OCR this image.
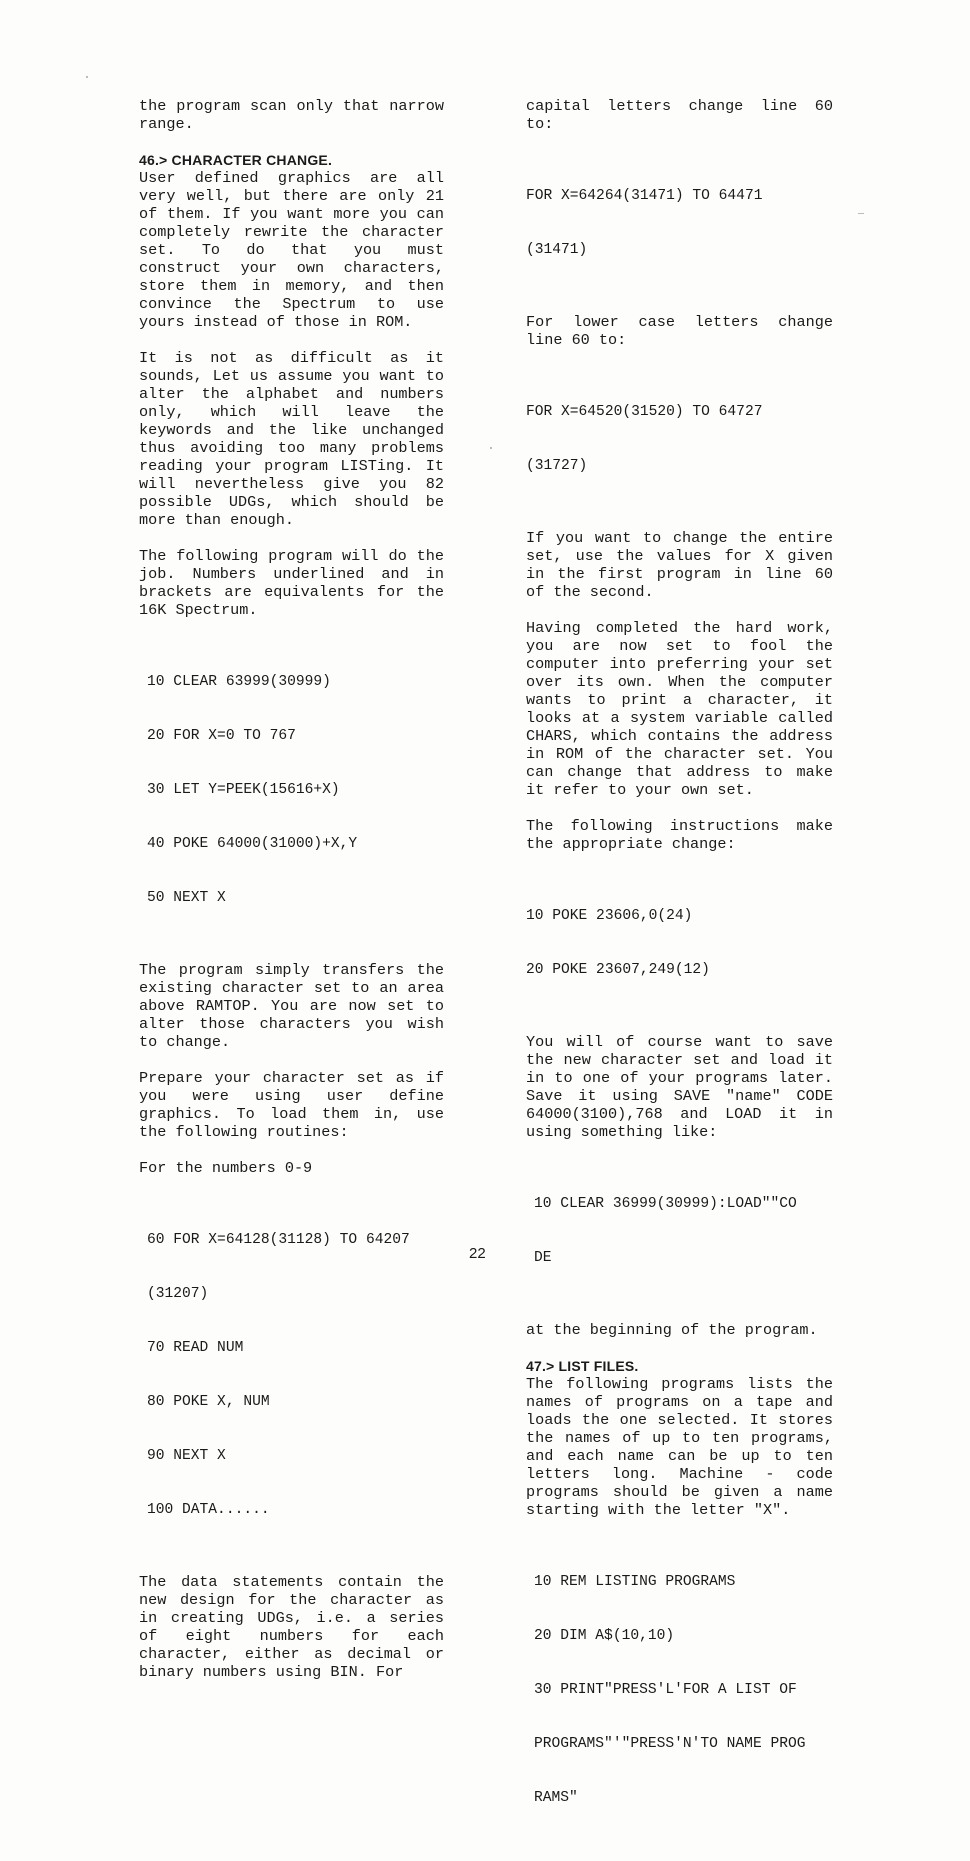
the program scan only that narrow range.

46.> CHARACTER CHANGE.

User defined graphics are all very well, but there are only 21 of them. If you want more you can completely rewrite the character set. To do that you must construct your own characters, store them in memory, and then convince the Spectrum to use yours instead of those in ROM.

It is not as difficult as it sounds, Let us assume you want to alter the alphabet and numbers only, which will leave the keywords and the like unchanged thus avoiding too many problems reading your program LISTing. It will nevertheless give you 82 possible UDGs, which should be more than enough.

The following program will do the job. Numbers underlined and in brackets are equivalents for the 16K Spectrum.

10 CLEAR 63999(30999)

20 FOR X=0 TO 767

30 LET Y=PEEK(15616+X)

40 POKE 64000(31000)+X,Y

50 NEXT X

The program simply transfers the existing character set to an area above RAMTOP. You are now set to alter those characters you wish to change.

Prepare your character set as if you were using user define graphics. To load them in, use the following routines:

For the numbers 0-9

60 FOR X=64128(31128) TO 64207

(31207)

70 READ NUM

80 POKE X, NUM

90 NEXT X

100 DATA......

The data statements contain the new design for the character as in creating UDGs, i.e. a series of eight numbers for each character, either as decimal or binary numbers using BIN. For

capital letters change line 60 to:

FOR X=64264(31471) TO 64471

(31471)

For lower case letters change line 60 to:

FOR X=64520(31520) TO 64727

(31727)

If you want to change the entire set, use the values for X given in the first program in line 60 of the second.

Having completed the hard work, you are now set to fool the computer into preferring your set over its own. When the computer wants to print a character, it looks at a system variable called CHARS, which contains the address in ROM of the character set. You can change that address to make it refer to your own set.

The following instructions make the appropriate change:

10 POKE 23606,0(24)

20 POKE 23607,249(12)

You will of course want to save the new character set and load it in to one of your programs later. Save it using SAVE "name" CODE 64000(3100),768 and LOAD it in using something like:

10 CLEAR 36999(30999):LOAD""CO

DE

at the beginning of the program.

47.> LIST FILES.

The following programs lists the names of programs on a tape and loads the one selected. It stores the names of up to ten programs, and each name can be up to ten letters long. Machine - code programs should be given a name starting with the letter "X".

10 REM LISTING PROGRAMS

20 DIM A$(10,10)

30 PRINT"PRESS'L'FOR A LIST OF

PROGRAMS"'"PRESS'N'TO NAME PROG

RAMS"

22
